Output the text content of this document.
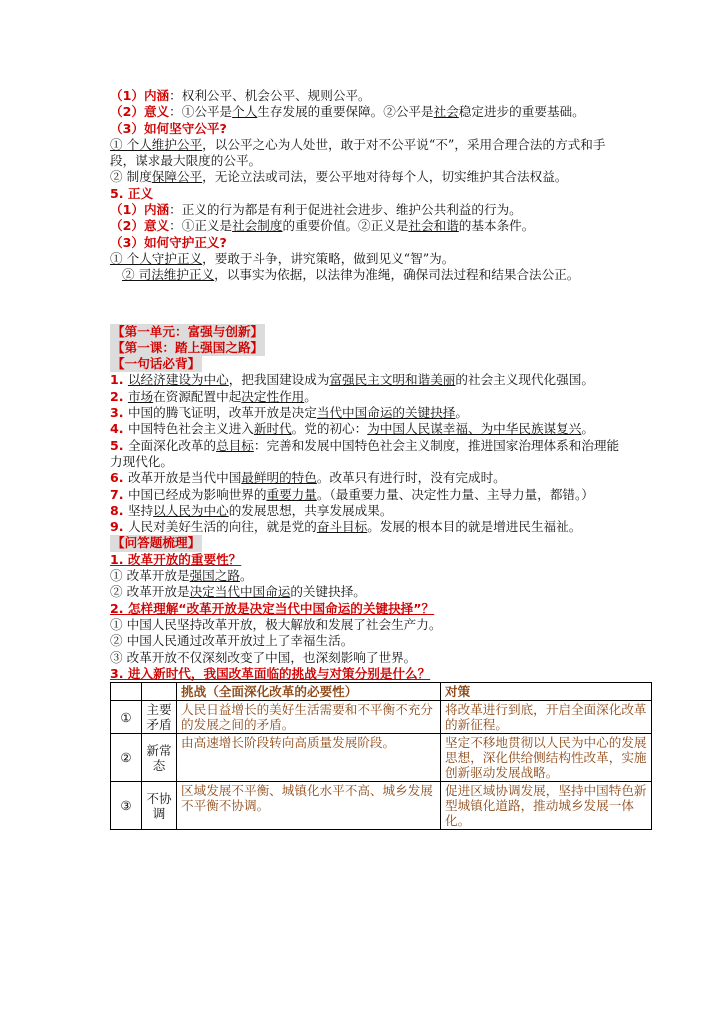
（1）内涵：权利公平、机会公平、规则公平。

（2）意义：①公平是个人生存发展的重要保障。②公平是社会稳定进步的重要基础。

（3）如何坚守公平?

① 个人维护公平，以公平之心为人处世，敢于对不公平说“不”，采用合理合法的方式和手段，谋求最大限度的公平。

② 制度保障公平，无论立法或司法，要公平地对待每个人，切实维护其合法权益。

5. 正义

（1）内涵：正义的行为都是有利于促进社会进步、维护公共利益的行为。

（2）意义：①正义是社会制度的重要价值。②正义是社会和谐的基本条件。

（3）如何守护正义?

① 个人守护正义，要敢于斗争，讲究策略，做到见义“智”为。

② 司法维护正义，以事实为依据，以法律为准绳，确保司法过程和结果合法公正。

【第一单元：富强与创新】

【第一课：踏上强国之路】

【一句话必背】

1. 以经济建设为中心，把我国建设成为富强民主文明和谐美丽的社会主义现代化强国。

2. 市场在资源配置中起决定性作用。

3. 中国的腾飞证明，改革开放是决定当代中国命运的关键抉择。

4. 中国特色社会主义进入新时代。党的初心：为中国人民谋幸福、为中华民族谋复兴。

5. 全面深化改革的总目标：完善和发展中国特色社会主义制度，推进国家治理体系和治理能力现代化。

6. 改革开放是当代中国最鲜明的特色。改革只有进行时，没有完成时。

7. 中国已经成为影响世界的重要力量。（最重要力量、决定性力量、主导力量，都错。）

8. 坚持以人民为中心的发展思想，共享发展成果。

9. 人民对美好生活的向往，就是党的奋斗目标。发展的根本目的就是增进民生福祉。

【问答题梳理】

1. 改革开放的重要性？

① 改革开放是强国之路。

② 改革开放是决定当代中国命运的关键抉择。

2. 怎样理解“改革开放是决定当代中国命运的关键抉择”？

① 中国人民坚持改革开放，极大解放和发展了社会生产力。

② 中国人民通过改革开放过上了幸福生活。

③ 改革开放不仅深刻改变了中国，也深刻影响了世界。

3. 进入新时代，我国改革面临的挑战与对策分别是什么？

		挑战（全面深化改革的必要性）	对策
①	主要矛盾	人民日益增长的美好生活需要和不平衡不充分的发展之间的矛盾。	将改革进行到底，开启全面深化改革的新征程。
②	新常态	由高速增长阶段转向高质量发展阶段。	坚定不移地贯彻以人民为中心的发展思想，深化供给侧结构性改革，实施创新驱动发展战略。
③	不协调	区域发展不平衡、城镇化水平不高、城乡发展不平衡不协调。	促进区域协调发展，坚持中国特色新型城镇化道路，推动城乡发展一体化。
